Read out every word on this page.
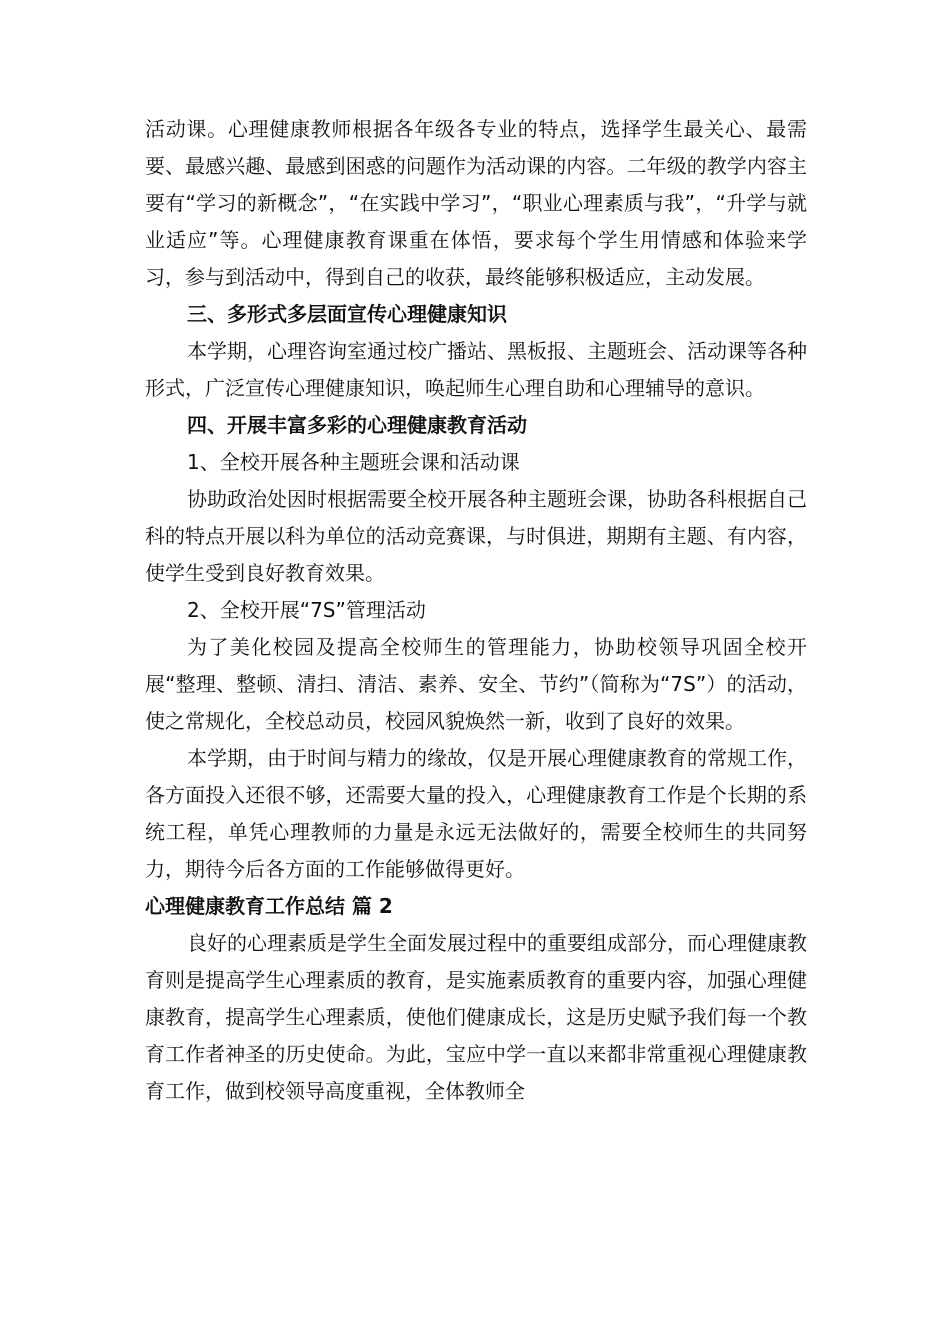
活动课。心理健康教师根据各年级各专业的特点，选择学生最关心、最需要、最感兴趣、最感到困惑的问题作为活动课的内容。二年级的教学内容主要有“学习的新概念”，“在实践中学习”，“职业心理素质与我”，“升学与就业适应”等。心理健康教育课重在体悟，要求每个学生用情感和体验来学习，参与到活动中，得到自己的收获，最终能够积极适应，主动发展。

三、多形式多层面宣传心理健康知识

本学期，心理咨询室通过校广播站、黑板报、主题班会、活动课等各种形式，广泛宣传心理健康知识，唤起师生心理自助和心理辅导的意识。

四、开展丰富多彩的心理健康教育活动

1、全校开展各种主题班会课和活动课

协助政治处因时根据需要全校开展各种主题班会课，协助各科根据自己科的特点开展以科为单位的活动竞赛课，与时俱进，期期有主题、有内容，使学生受到良好教育效果。

2、全校开展“7S”管理活动

为了美化校园及提高全校师生的管理能力，协助校领导巩固全校开展“整理、整顿、清扫、清洁、素养、安全、节约”（简称为“7S”）的活动，使之常规化，全校总动员，校园风貌焕然一新，收到了良好的效果。

本学期，由于时间与精力的缘故，仅是开展心理健康教育的常规工作，各方面投入还很不够，还需要大量的投入，心理健康教育工作是个长期的系统工程，单凭心理教师的力量是永远无法做好的，需要全校师生的共同努力，期待今后各方面的工作能够做得更好。

心理健康教育工作总结 篇 2

良好的心理素质是学生全面发展过程中的重要组成部分，而心理健康教育则是提高学生心理素质的教育，是实施素质教育的重要内容，加强心理健康教育，提高学生心理素质，使他们健康成长，这是历史赋予我们每一个教育工作者神圣的历史使命。为此，宝应中学一直以来都非常重视心理健康教育工作，做到校领导高度重视，全体教师全
